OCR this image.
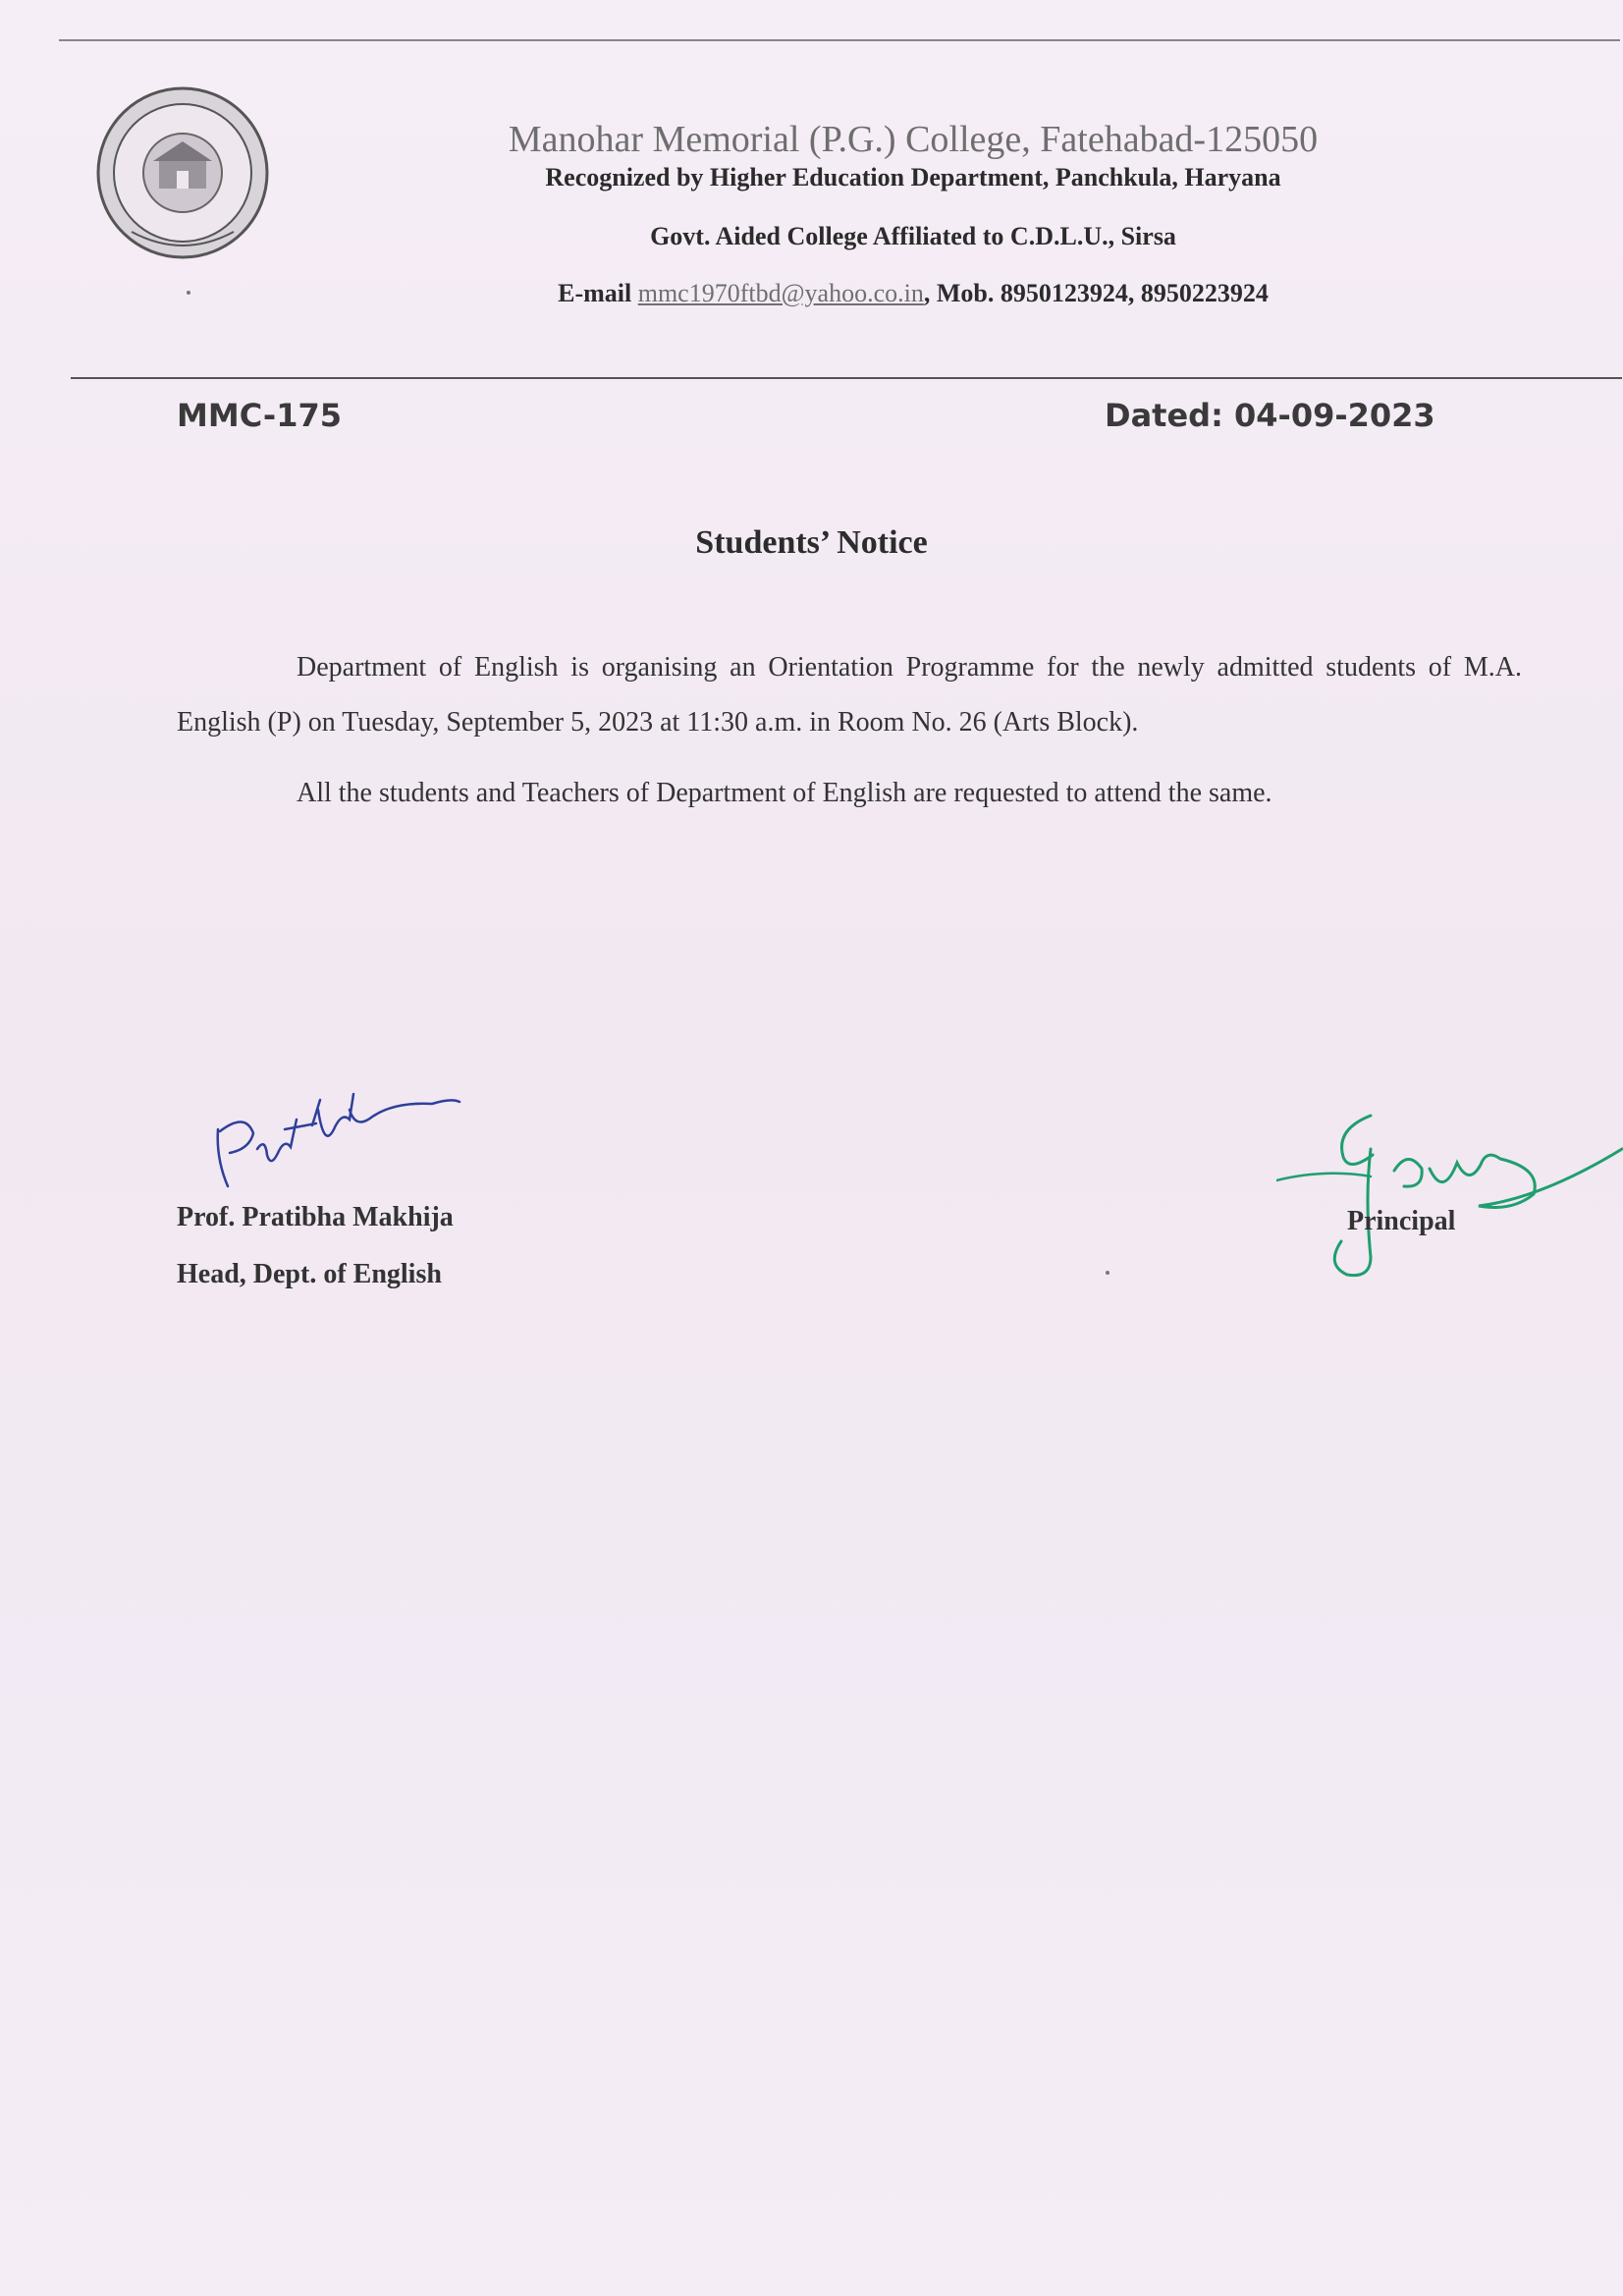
Manohar Memorial (P.G.) College, Fatehabad-125050
Recognized by Higher Education Department, Panchkula, Haryana
Govt. Aided College Affiliated to C.D.L.U., Sirsa
E-mail mmc1970ftbd@yahoo.co.in, Mob. 8950123924, 8950223924
MMC-175	Dated: 04-09-2023
Students’ Notice

Department of English is organising an Orientation Programme for the newly admitted students of M.A. English (P) on Tuesday, September 5, 2023 at 11:30 a.m. in Room No. 26 (Arts Block).

All the students and Teachers of Department of English are requested to attend the same.

Prof. Pratibha Makhija

Head, Dept. of English

Principal
